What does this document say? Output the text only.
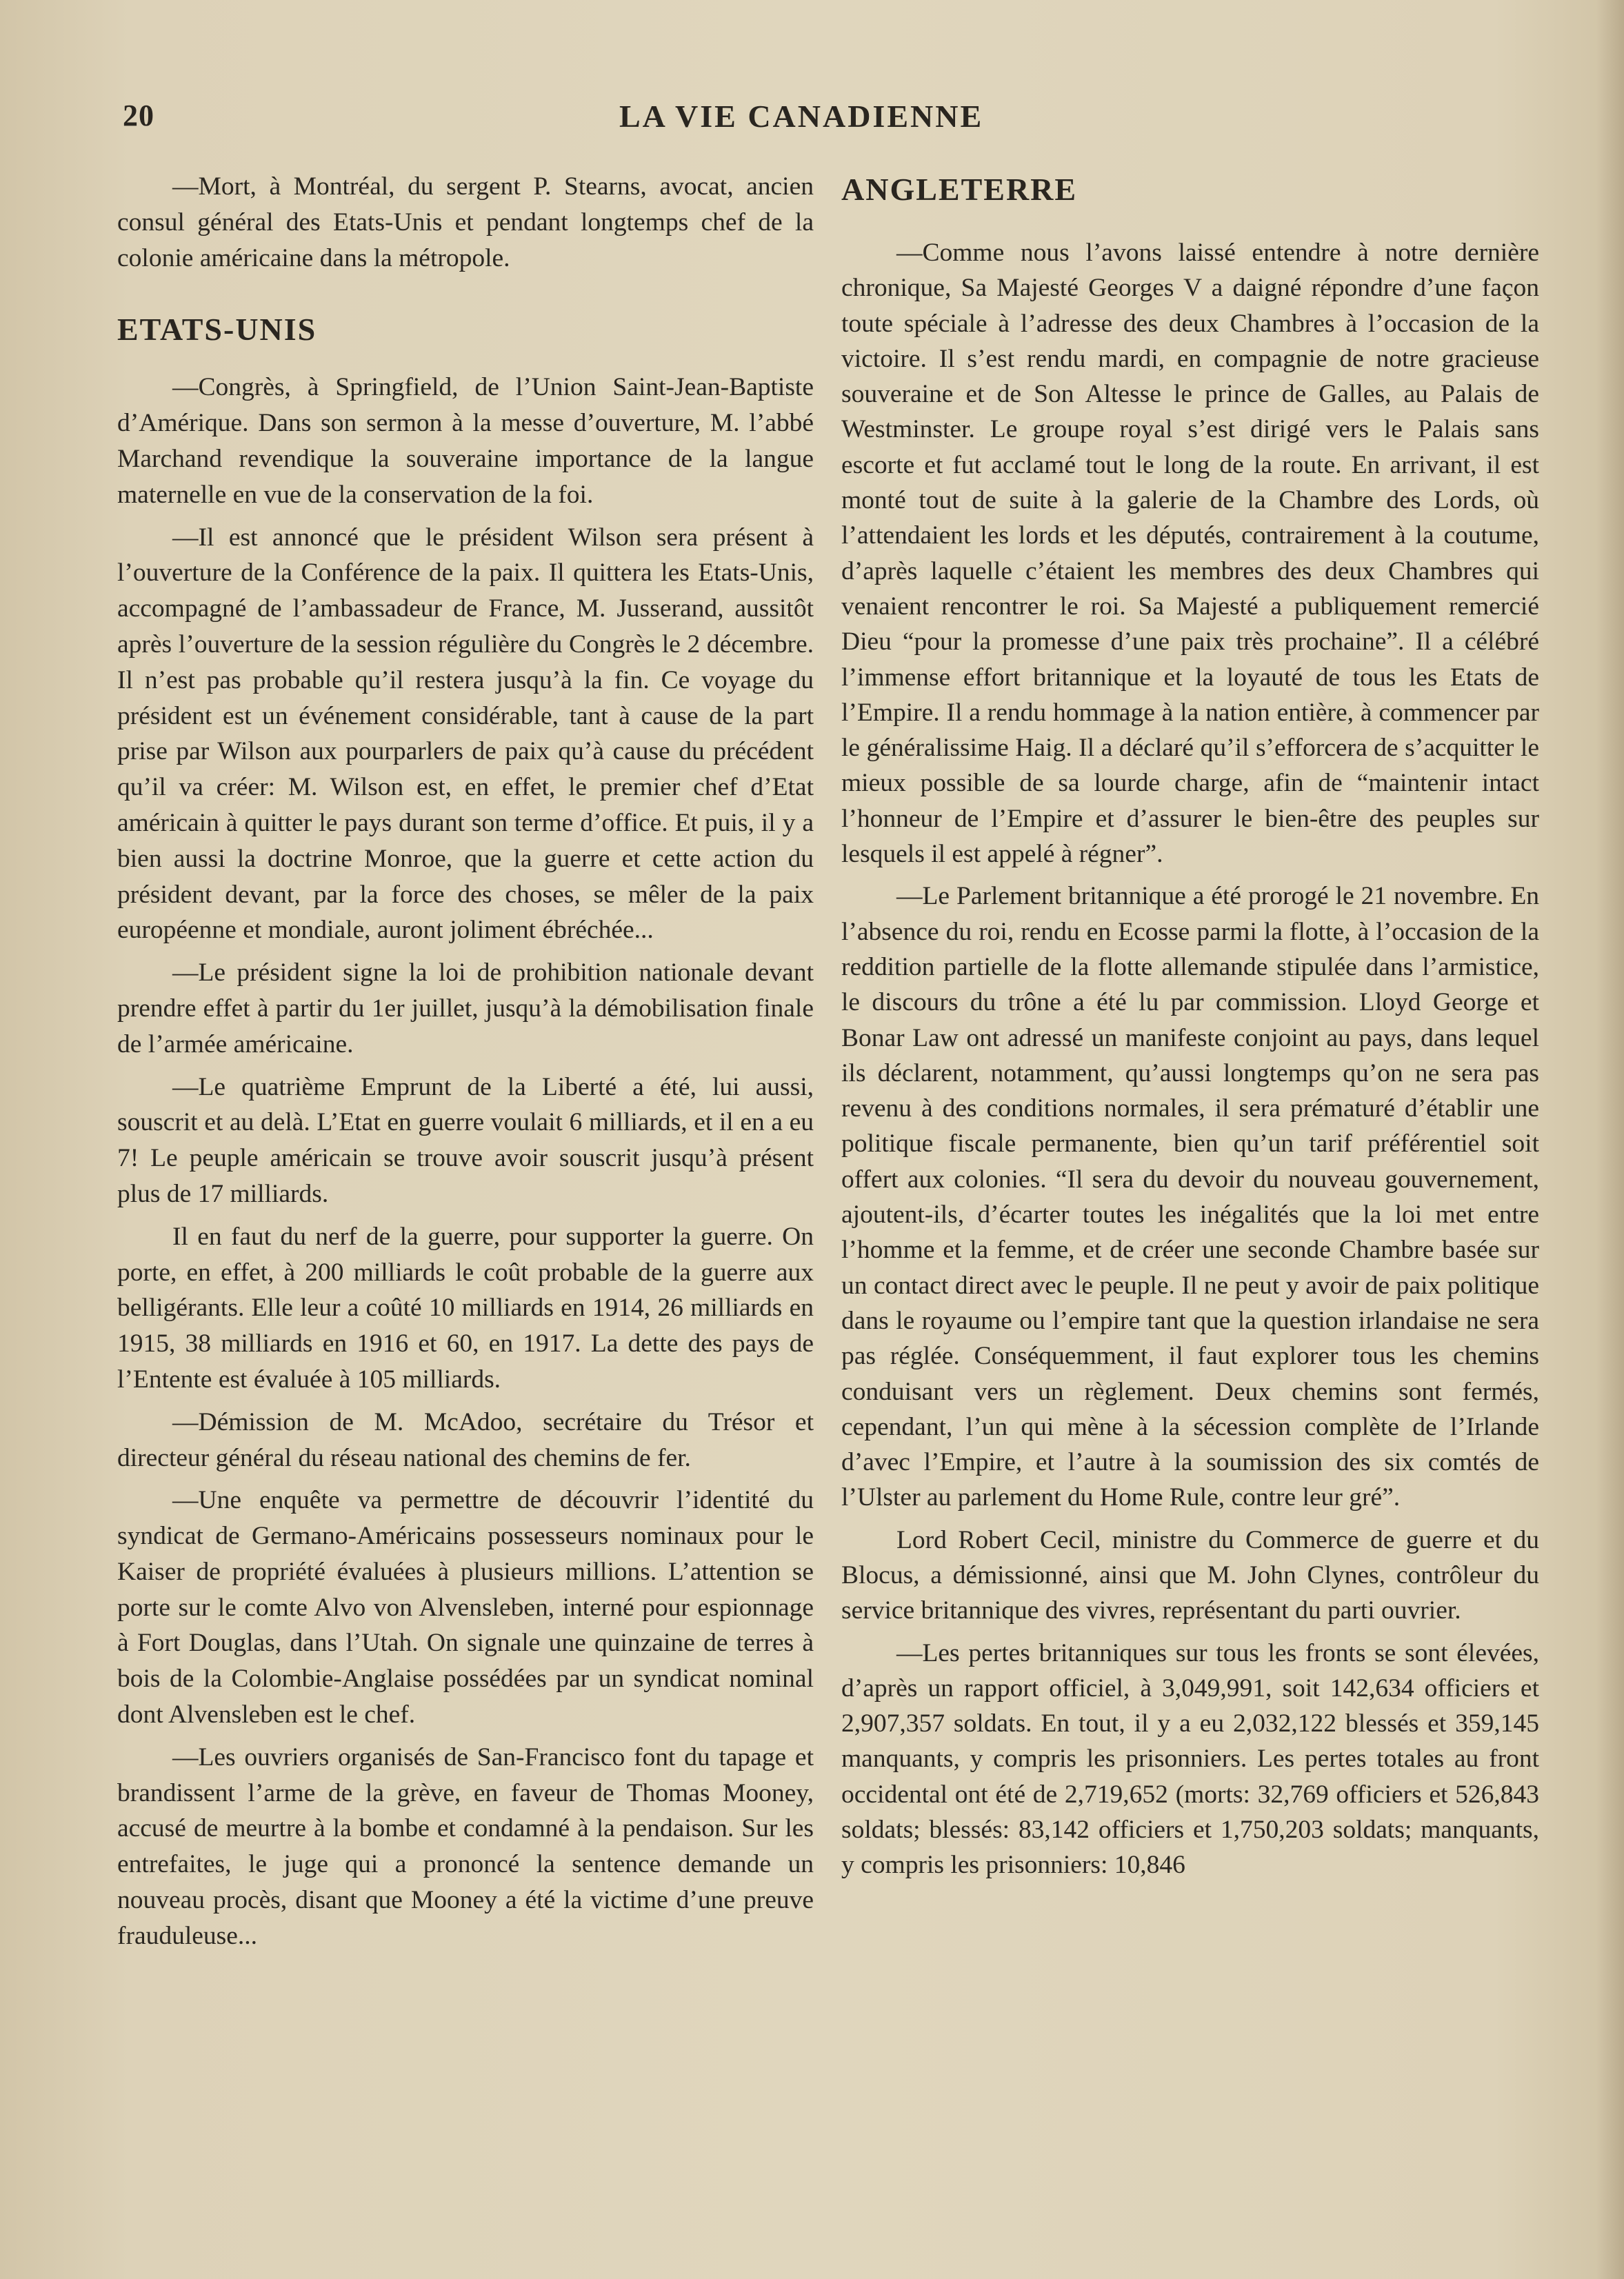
20	LA VIE CANADIENNE

—Mort, à Montréal, du sergent P. Stearns, avocat, ancien consul général des Etats-Unis et pendant longtemps chef de la colonie américaine dans la métropole.

ETATS-UNIS

—Congrès, à Springfield, de l’Union Saint-Jean-Baptiste d’Amérique. Dans son sermon à la messe d’ouverture, M. l’abbé Marchand revendique la souveraine importance de la langue maternelle en vue de la conservation de la foi.

—Il est annoncé que le président Wilson sera présent à l’ouverture de la Conférence de la paix. Il quittera les Etats-Unis, accompagné de l’ambassadeur de France, M. Jusserand, aussitôt après l’ouverture de la session régulière du Congrès le 2 décembre. Il n’est pas probable qu’il restera jusqu’à la fin. Ce voyage du président est un événement considérable, tant à cause de la part prise par Wilson aux pourparlers de paix qu’à cause du précédent qu’il va créer: M. Wilson est, en effet, le premier chef d’Etat américain à quitter le pays durant son terme d’office. Et puis, il y a bien aussi la doctrine Monroe, que la guerre et cette action du président devant, par la force des choses, se mêler de la paix européenne et mondiale, auront joliment ébréchée...

—Le président signe la loi de prohibition nationale devant prendre effet à partir du 1er juillet, jusqu’à la démobilisation finale de l’armée américaine.

—Le quatrième Emprunt de la Liberté a été, lui aussi, souscrit et au delà. L’Etat en guerre voulait 6 milliards, et il en a eu 7! Le peuple américain se trouve avoir souscrit jusqu’à présent plus de 17 milliards.

Il en faut du nerf de la guerre, pour supporter la guerre. On porte, en effet, à 200 milliards le coût probable de la guerre aux belligérants. Elle leur a coûté 10 milliards en 1914, 26 milliards en 1915, 38 milliards en 1916 et 60, en 1917. La dette des pays de l’Entente est évaluée à 105 milliards.

—Démission de M. McAdoo, secrétaire du Trésor et directeur général du réseau national des chemins de fer.

—Une enquête va permettre de découvrir l’identité du syndicat de Germano-Américains possesseurs nominaux pour le Kaiser de propriété évaluées à plusieurs millions. L’attention se porte sur le comte Alvo von Alvensleben, interné pour espionnage à Fort Douglas, dans l’Utah. On signale une quinzaine de terres à bois de la Colombie-Anglaise possédées par un syndicat nominal dont Alvensleben est le chef.

—Les ouvriers organisés de San-Francisco font du tapage et brandissent l’arme de la grève, en faveur de Thomas Mooney, accusé de meurtre à la bombe et condamné à la pendaison. Sur les entrefaites, le juge qui a prononcé la sentence demande un nouveau procès, disant que Mooney a été la victime d’une preuve frauduleuse...

ANGLETERRE

—Comme nous l’avons laissé entendre à notre dernière chronique, Sa Majesté Georges V a daigné répondre d’une façon toute spéciale à l’adresse des deux Chambres à l’occasion de la victoire. Il s’est rendu mardi, en compagnie de notre gracieuse souveraine et de Son Altesse le prince de Galles, au Palais de Westminster. Le groupe royal s’est dirigé vers le Palais sans escorte et fut acclamé tout le long de la route. En arrivant, il est monté tout de suite à la galerie de la Chambre des Lords, où l’attendaient les lords et les députés, contrairement à la coutume, d’après laquelle c’étaient les membres des deux Chambres qui venaient rencontrer le roi. Sa Majesté a publiquement remercié Dieu “pour la promesse d’une paix très prochaine”. Il a célébré l’immense effort britannique et la loyauté de tous les Etats de l’Empire. Il a rendu hommage à la nation entière, à commencer par le généralissime Haig. Il a déclaré qu’il s’efforcera de s’acquitter le mieux possible de sa lourde charge, afin de “maintenir intact l’honneur de l’Empire et d’assurer le bien-être des peuples sur lesquels il est appelé à régner”.

—Le Parlement britannique a été prorogé le 21 novembre. En l’absence du roi, rendu en Ecosse parmi la flotte, à l’occasion de la reddition partielle de la flotte allemande stipulée dans l’armistice, le discours du trône a été lu par commission. Lloyd George et Bonar Law ont adressé un manifeste conjoint au pays, dans lequel ils déclarent, notamment, qu’aussi longtemps qu’on ne sera pas revenu à des conditions normales, il sera prématuré d’établir une politique fiscale permanente, bien qu’un tarif préférentiel soit offert aux colonies. “Il sera du devoir du nouveau gouvernement, ajoutent-ils, d’écarter toutes les inégalités que la loi met entre l’homme et la femme, et de créer une seconde Chambre basée sur un contact direct avec le peuple. Il ne peut y avoir de paix politique dans le royaume ou l’empire tant que la question irlandaise ne sera pas réglée. Conséquemment, il faut explorer tous les chemins conduisant vers un règlement. Deux chemins sont fermés, cependant, l’un qui mène à la sécession complète de l’Irlande d’avec l’Empire, et l’autre à la soumission des six comtés de l’Ulster au parlement du Home Rule, contre leur gré”.

Lord Robert Cecil, ministre du Commerce de guerre et du Blocus, a démissionné, ainsi que M. John Clynes, contrôleur du service britannique des vivres, représentant du parti ouvrier.

—Les pertes britanniques sur tous les fronts se sont élevées, d’après un rapport officiel, à 3,049,991, soit 142,634 officiers et 2,907,357 soldats. En tout, il y a eu 2,032,122 blessés et 359,145 manquants, y compris les prisonniers. Les pertes totales au front occidental ont été de 2,719,652 (morts: 32,769 officiers et 526,843 soldats; blessés: 83,142 officiers et 1,750,203 soldats; manquants, y compris les prisonniers: 10,846
